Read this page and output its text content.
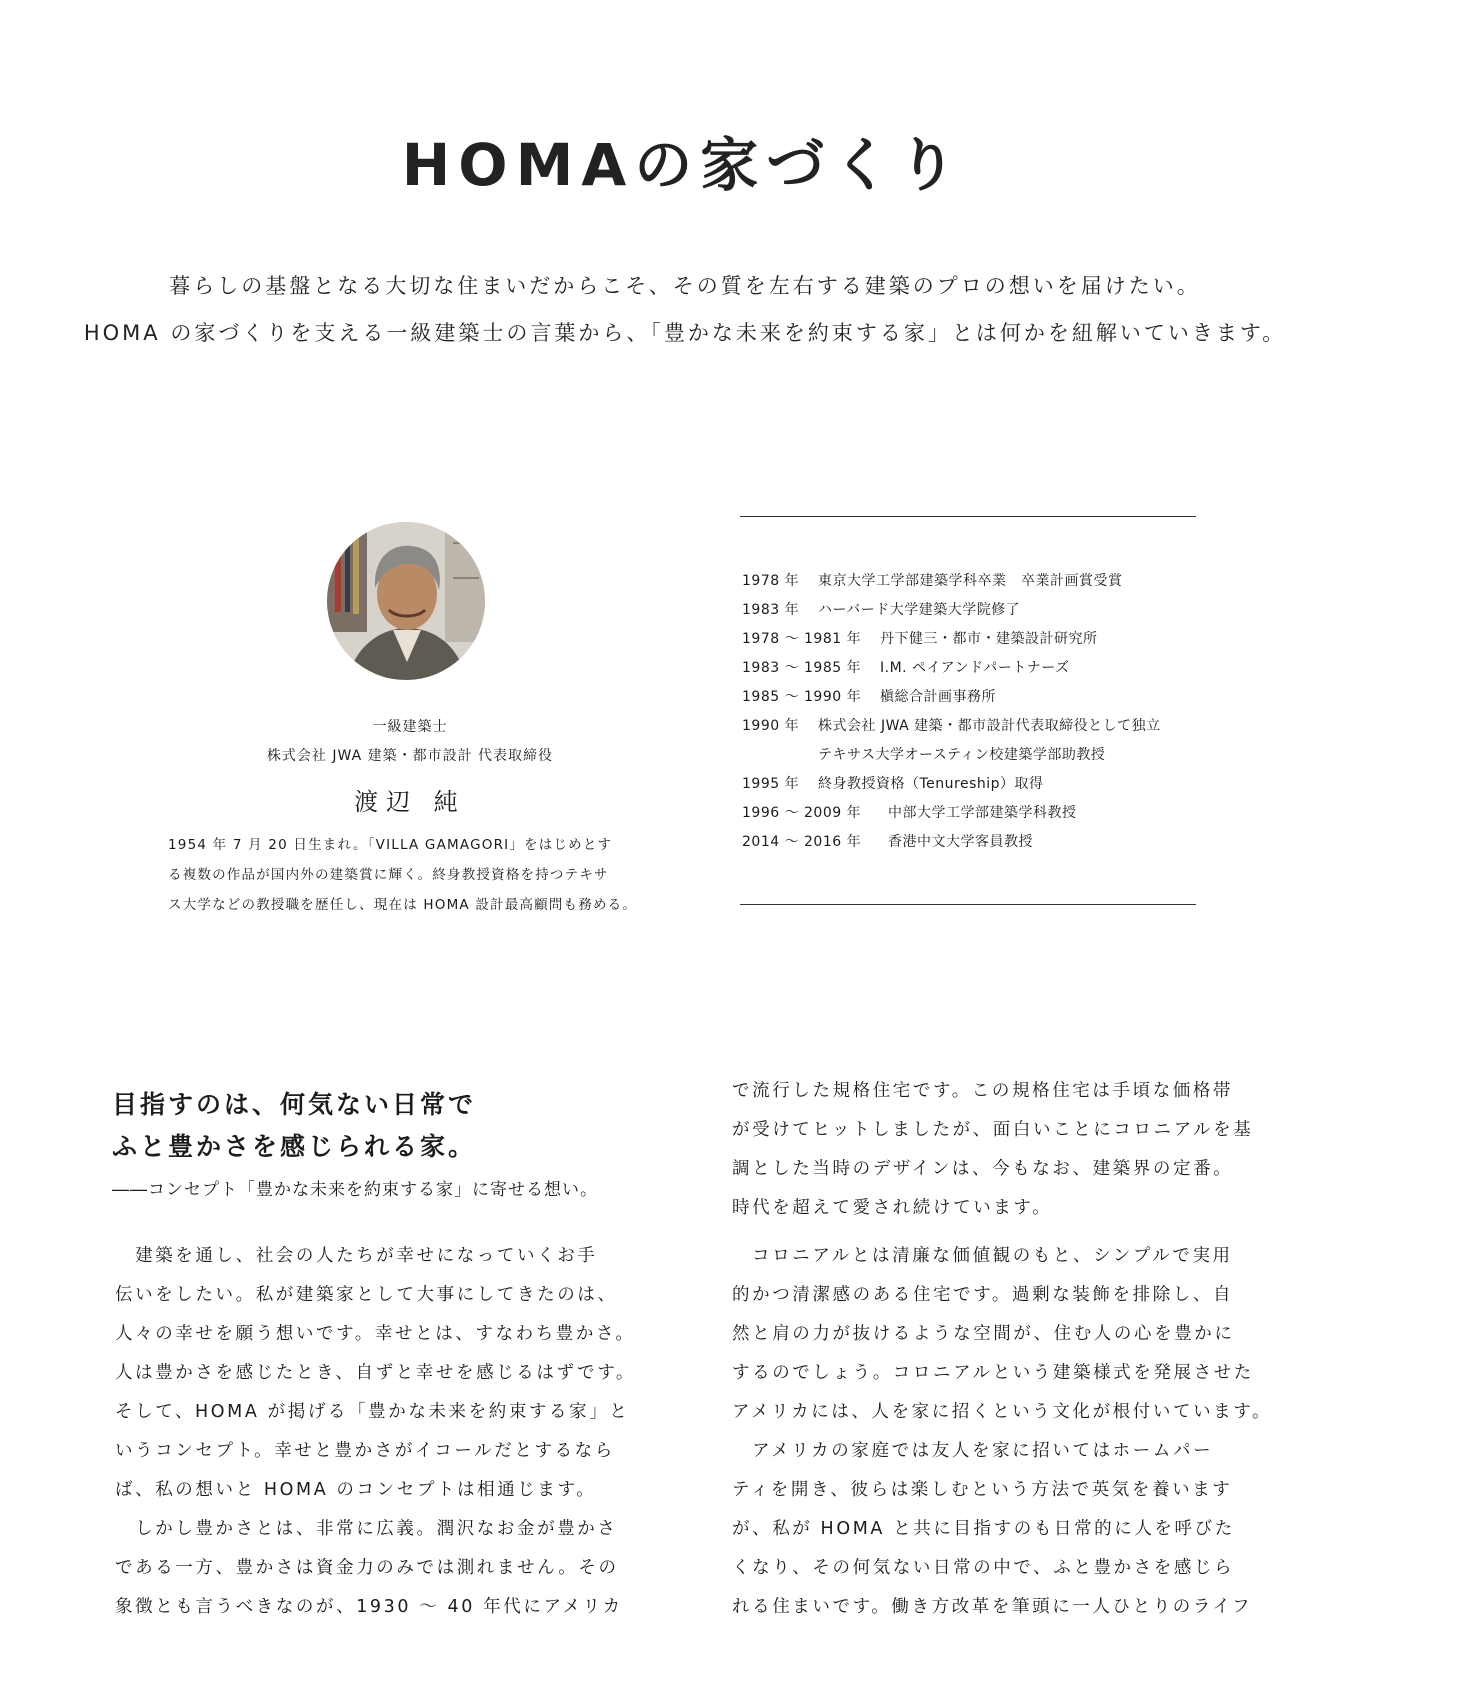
HOMAの家づくり
暮らしの基盤となる大切な住まいだからこそ、その質を左右する建築のプロの想いを届けたい。
HOMA の家づくりを支える一級建築士の言葉から、「豊かな未来を約束する家」とは何かを紐解いていきます。
一級建築士
株式会社 JWA 建築・都市設計 代表取締役
渡辺 純
1954 年 7 月 20 日生まれ。「VILLA GAMAGORI」をはじめとす
る複数の作品が国内外の建築賞に輝く。終身教授資格を持つテキサ
ス大学などの教授職を歴任し、現在は HOMA 設計最高顧問も務める。
1978 年 東京大学工学部建築学科卒業　卒業計画賞受賞
1983 年 ハーバード大学建築大学院修了
1978 ～ 1981 年 丹下健三・都市・建築設計研究所
1983 ～ 1985 年 I.M. ペイアンドパートナーズ
1985 ～ 1990 年 槇総合計画事務所
1990 年 株式会社 JWA 建築・都市設計代表取締役として独立
テキサス大学オースティン校建築学部助教授
1995 年 終身教授資格（Tenureship）取得
1996 ～ 2009 年 中部大学工学部建築学科教授
2014 ～ 2016 年 香港中文大学客員教授
目指すのは、何気ない日常で
ふと豊かさを感じられる家。
――コンセプト「豊かな未来を約束する家」に寄せる想い。
　建築を通し、社会の人たちが幸せになっていくお手
伝いをしたい。私が建築家として大事にしてきたのは、
人々の幸せを願う想いです。幸せとは、すなわち豊かさ。
人は豊かさを感じたとき、自ずと幸せを感じるはずです。
そして、HOMA が掲げる「豊かな未来を約束する家」と
いうコンセプト。幸せと豊かさがイコールだとするなら
ば、私の想いと HOMA のコンセプトは相通じます。
　しかし豊かさとは、非常に広義。潤沢なお金が豊かさ
である一方、豊かさは資金力のみでは測れません。その
象徴とも言うべきなのが、1930 ～ 40 年代にアメリカ
で流行した規格住宅です。この規格住宅は手頃な価格帯
が受けてヒットしましたが、面白いことにコロニアルを基
調とした当時のデザインは、今もなお、建築界の定番。
時代を超えて愛され続けています。
　コロニアルとは清廉な価値観のもと、シンプルで実用
的かつ清潔感のある住宅です。過剰な装飾を排除し、自
然と肩の力が抜けるような空間が、住む人の心を豊かに
するのでしょう。コロニアルという建築様式を発展させた
アメリカには、人を家に招くという文化が根付いています。
　アメリカの家庭では友人を家に招いてはホームパー
ティを開き、彼らは楽しむという方法で英気を養います
が、私が HOMA と共に目指すのも日常的に人を呼びた
くなり、その何気ない日常の中で、ふと豊かさを感じら
れる住まいです。働き方改革を筆頭に一人ひとりのライフ
